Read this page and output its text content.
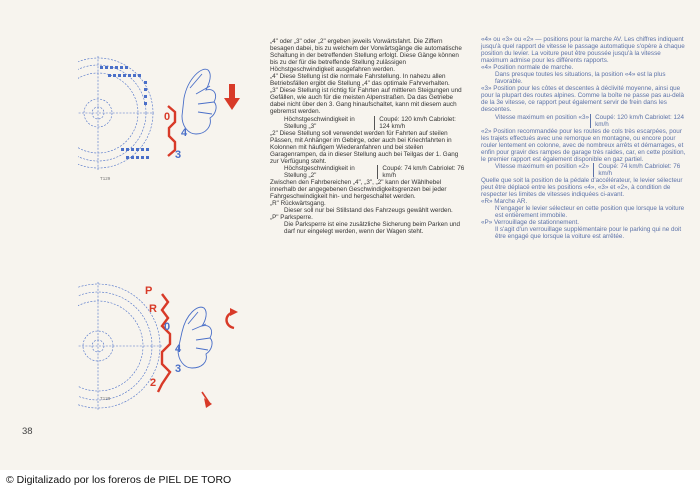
0
4
3
P
R
0
4
3
2
T129
T128

„4" oder „3" oder „2" ergeben jeweils Vorwärtsfahrt. Die Ziffern besagen dabei, bis zu welchem der Vorwärtsgänge die automatische Schaltung in der betreffenden Stellung erfolgt. Diese Gänge können bis zu der für die betreffende Stellung zulässigen Höchstgeschwindigkeit ausgefahren werden.

„4" Diese Stellung ist die normale Fahrstellung. In nahezu allen Betriebsfällen ergibt die Stellung „4" das optimale Fahrverhalten.

„3" Diese Stellung ist richtig für Fahrten auf mittleren Steigungen und Gefällen, wie auch für die meisten Alpenstraßen. Da das Getriebe dabei nicht über den 3. Gang hinaufschaltet, kann mit diesem auch gebremst werden.

Höchstgeschwindigkeit in Stellung „3"
Coupé: 120 km/h Cabriolet: 124 km/h

„2" Diese Stellung soll verwendet werden für Fahrten auf steilen Pässen, mit Anhänger im Gebirge, oder auch bei Kriechfahrten in Kolonnen mit häufigem Wiederanfahren und bei steilen Garagenrampen, da in dieser Stellung auch bei Teilgas der 1. Gang zur Verfügung steht.

Höchstgeschwindigkeit in Stellung „2"
Coupé: 74 km/h Cabriolet: 76 km/h

Zwischen den Fahrbereichen „4", „3", „2" kann der Wählhebel innerhalb der angegebenen Geschwindigkeitsgrenzen bei jeder Fahrgeschwindigkeit hin- und hergeschaltet werden.

„R" Rückwärtsgang.

Dieser soll nur bei Stillstand des Fahrzeugs gewählt werden.

„P" Parksperre.

Die Parksperre ist eine zusätzliche Sicherung beim Parken und darf nur eingelegt werden, wenn der Wagen steht.

«4» ou «3» ou «2» — positions pour la marche AV. Les chiffres indiquent jusqu'à quel rapport de vitesse le passage automatique s'opère à chaque position du levier. La voiture peut être poussée jusqu'à la vitesse maximum admise pour les différents rapports.

«4» Position normale de marche.

Dans presque toutes les situations, la position «4» est la plus favorable.

«3» Position pour les côtes et descentes à déclivité moyenne, ainsi que pour la plupart des routes alpines. Comme la boîte ne passe pas au-delà de la 3e vitesse, ce rapport peut également servir de frein dans les descentes.

Vitesse maximum en position «3» Coupé: 120 km/h Cabriolet: 124 km/h

«2» Position recommandée pour les routes de cols très escarpées, pour les trajets effectués avec une remorque en montagne, ou encore pour rouler lentement en colonne, avec de nombreux arrêts et démarrages, et enfin pour gravir des rampes de garage très raides, car, en cette position, le premier rapport est également disponible en gaz partiel.

Vitesse maximum en position «2»	Coupé: 74 km/h Cabriolet: 76 km/h

Quelle que soit la position de la pédale d'accélérateur, le levier sélecteur peut être déplacé entre les positions «4», «3» et «2», à condition de respecter les limites de vitesses indiquées ci-avant.

«R» Marche AR.

N'engager le levier sélecteur en cette position que lorsque la voiture est entièrement immobile.

«P» Verrouillage de stationnement.

Il s'agit d'un verrouillage supplémentaire pour le parking qui ne doit être engagé que lorsque la voiture est arrêtée.

38
© Digitalizado por los foreros de PIEL DE TORO
